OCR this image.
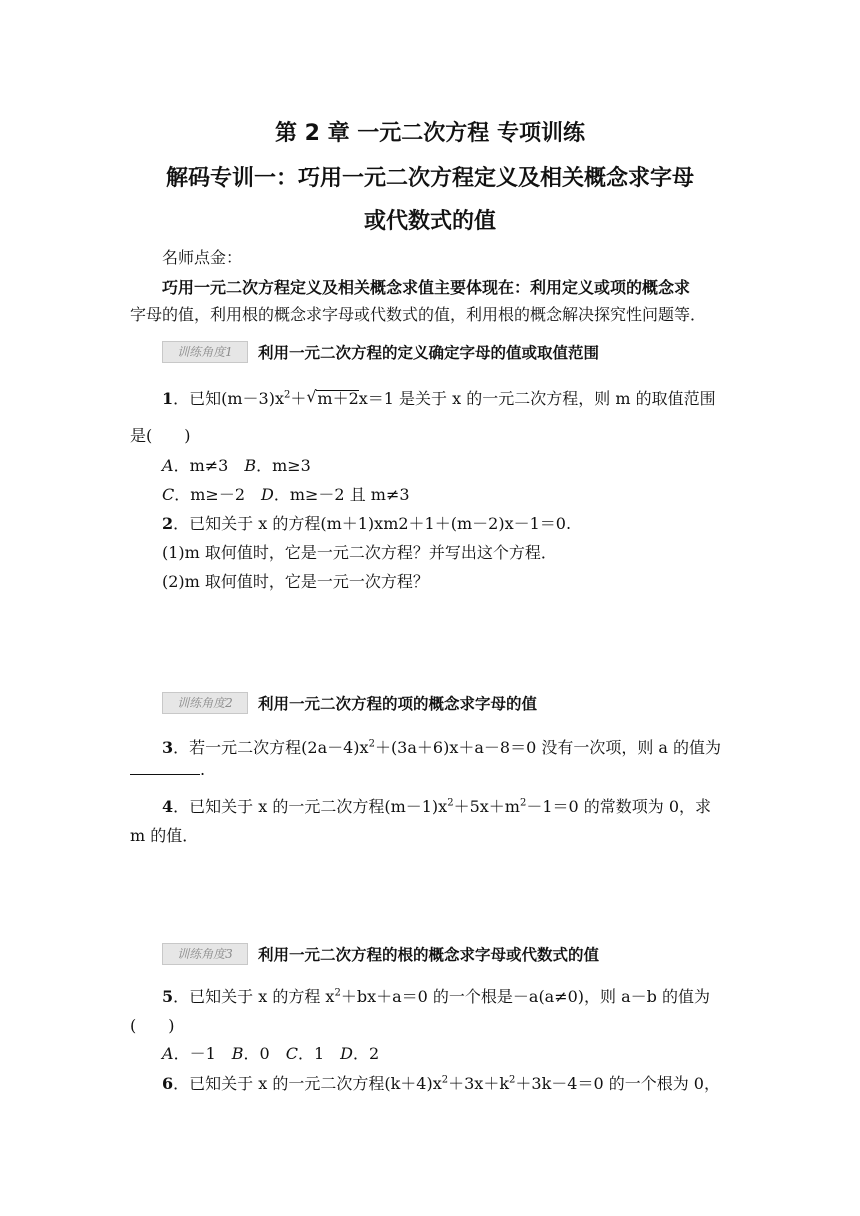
第 2 章 一元二次方程 专项训练
解码专训一：巧用一元二次方程定义及相关概念求字母
或代数式的值
名师点金：
巧用一元二次方程定义及相关概念求值主要体现在：利用定义或项的概念求
字母的值，利用根的概念求字母或代数式的值，利用根的概念解决探究性问题等．
训练角度1	利用一元二次方程的定义确定字母的值或取值范围
1．已知$(m-3)x^2+√$ m＋2x＝1 是关于 x 的一元二次方程，则 m 的取值范围
是(　　)
A．m≠3　B．m≥3
C．m≥－2　D．m≥－2 且 m≠3
2．已知关于 x 的方程(m＋1)xm2＋1＋(m－2)x－1＝0.
(1)m 取何值时，它是一元二次方程？并写出这个方程．
(2)m 取何值时，它是一元一次方程？
训练角度2	利用一元二次方程的项的概念求字母的值
3．若一元二次方程$(2a-4)x^2+(3a+6)x+a-8=0$ 没有一次项，则 a 的值为
.
4．已知关于 x 的一元二次方程$(m-1)x^2+5x+m^2-1=0$ 的常数项为 0，求
m 的值．
训练角度3	利用一元二次方程的根的概念求字母或代数式的值
5．已知关于 x 的方程 $x^2+bx+a=0$ 的一个根是－a(a≠0)，则 a－b 的值为
(　　)
A．－1　B．0　C．1　D．2
6．已知关于 x 的一元二次方程$(k+4)x^2+3x+k^2+3k-4=0$ 的一个根为 0，
